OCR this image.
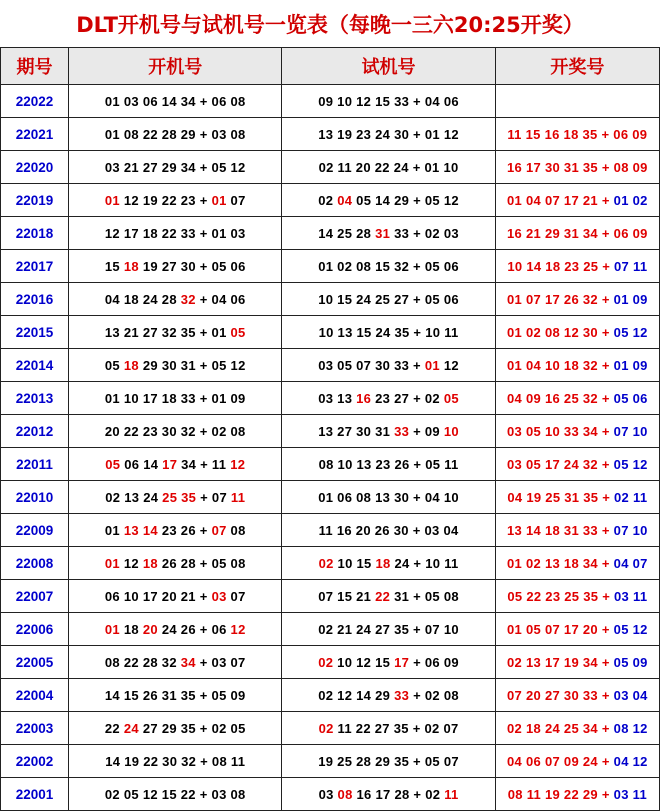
DLT开机号与试机号一览表（每晚一三六20:25开奖）
期号	开机号	试机号	开奖号
22022	01 03 06 14 34 + 06 08	09 10 12 15 33 + 04 06	
22021	01 08 22 28 29 + 03 08	13 19 23 24 30 + 01 12	11 15 16 18 35 + 06 09
22020	03 21 27 29 34 + 05 12	02 11 20 22 24 + 01 10	16 17 30 31 35 + 08 09
22019	01 12 19 22 23 + 01 07	02 04 05 14 29 + 05 12	01 04 07 17 21 + 01 02
22018	12 17 18 22 33 + 01 03	14 25 28 31 33 + 02 03	16 21 29 31 34 + 06 09
22017	15 18 19 27 30 + 05 06	01 02 08 15 32 + 05 06	10 14 18 23 25 + 07 11
22016	04 18 24 28 32 + 04 06	10 15 24 25 27 + 05 06	01 07 17 26 32 + 01 09
22015	13 21 27 32 35 + 01 05	10 13 15 24 35 + 10 11	01 02 08 12 30 + 05 12
22014	05 18 29 30 31 + 05 12	03 05 07 30 33 + 01 12	01 04 10 18 32 + 01 09
22013	01 10 17 18 33 + 01 09	03 13 16 23 27 + 02 05	04 09 16 25 32 + 05 06
22012	20 22 23 30 32 + 02 08	13 27 30 31 33 + 09 10	03 05 10 33 34 + 07 10
22011	05 06 14 17 34 + 11 12	08 10 13 23 26 + 05 11	03 05 17 24 32 + 05 12
22010	02 13 24 25 35 + 07 11	01 06 08 13 30 + 04 10	04 19 25 31 35 + 02 11
22009	01 13 14 23 26 + 07 08	11 16 20 26 30 + 03 04	13 14 18 31 33 + 07 10
22008	01 12 18 26 28 + 05 08	02 10 15 18 24 + 10 11	01 02 13 18 34 + 04 07
22007	06 10 17 20 21 + 03 07	07 15 21 22 31 + 05 08	05 22 23 25 35 + 03 11
22006	01 18 20 24 26 + 06 12	02 21 24 27 35 + 07 10	01 05 07 17 20 + 05 12
22005	08 22 28 32 34 + 03 07	02 10 12 15 17 + 06 09	02 13 17 19 34 + 05 09
22004	14 15 26 31 35 + 05 09	02 12 14 29 33 + 02 08	07 20 27 30 33 + 03 04
22003	22 24 27 29 35 + 02 05	02 11 22 27 35 + 02 07	02 18 24 25 34 + 08 12
22002	14 19 22 30 32 + 08 11	19 25 28 29 35 + 05 07	04 06 07 09 24 + 04 12
22001	02 05 12 15 22 + 03 08	03 08 16 17 28 + 02 11	08 11 19 22 29 + 03 11
